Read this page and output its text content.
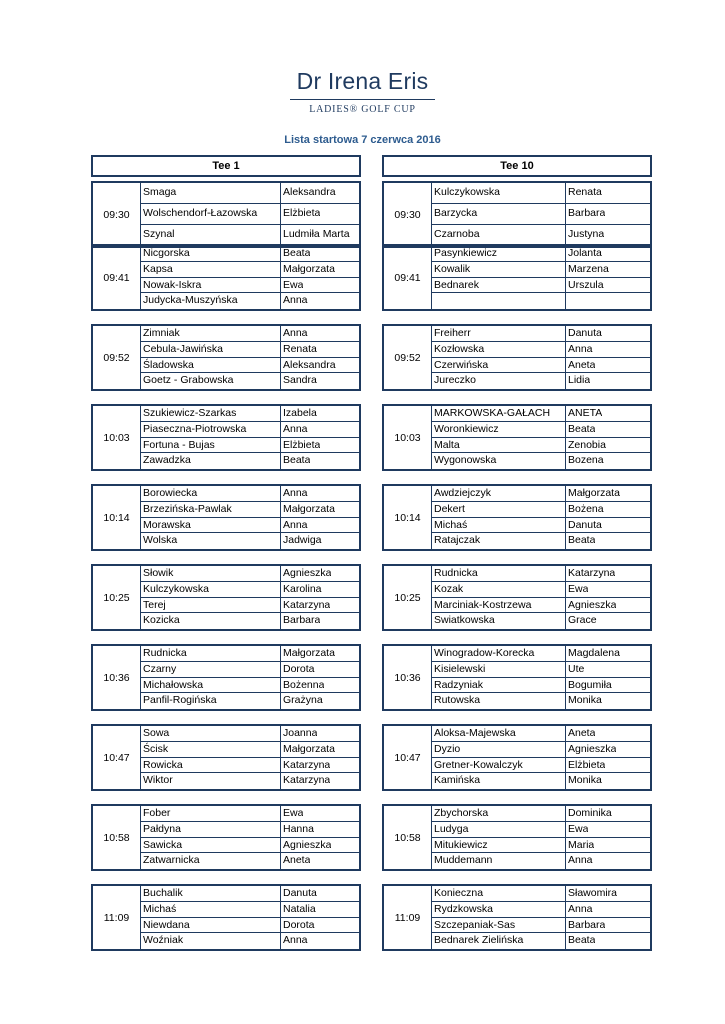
Dr Irena Eris
LADIES® GOLF CUP
Lista startowa 7 czerwca 2016
Tee 1
09:30
Smaga	Aleksandra
Wolschendorf-Łazowska	Elżbieta
Szynal	Ludmiła Marta
09:41
Nicgorska	Beata
Kapsa	Małgorzata
Nowak-Iskra	Ewa
Judycka-Muszyńska	Anna
09:52
Zimniak	Anna
Cebula-Jawińska	Renata
Śladowska	Aleksandra
Goetz - Grabowska	Sandra
10:03
Szukiewicz-Szarkas	Izabela
Piaseczna-Piotrowska	Anna
Fortuna - Bujas	Elżbieta
Zawadzka	Beata
10:14
Borowiecka	Anna
Brzezińska-Pawlak	Małgorzata
Morawska	Anna
Wolska	Jadwiga
10:25
Słowik	Agnieszka
Kulczykowska	Karolina
Terej	Katarzyna
Kozicka	Barbara
10:36
Rudnicka	Małgorzata
Czarny	Dorota
Michałowska	Bożenna
Panfil-Rogińska	Grażyna
10:47
Sowa	Joanna
Ścisk	Małgorzata
Rowicka	Katarzyna
Wiktor	Katarzyna
10:58
Fober	Ewa
Pałdyna	Hanna
Sawicka	Agnieszka
Zatwarnicka	Aneta
11:09
Buchalik	Danuta
Michaś	Natalia
Niewdana	Dorota
Woźniak	Anna
Tee 10
09:30
Kulczykowska	Renata
Barzycka	Barbara
Czarnoba	Justyna
09:41
Pasynkiewicz	Jolanta
Kowalik	Marzena
Bednarek	Urszula
09:52
Freiherr	Danuta
Kozłowska	Anna
Czerwińska	Aneta
Jureczko	Lidia
10:03
MARKOWSKA-GAŁACH	ANETA
Woronkiewicz	Beata
Malta	Zenobia
Wygonowska	Bozena
10:14
Awdziejczyk	Małgorzata
Dekert	Bożena
Michaś	Danuta
Ratajczak	Beata
10:25
Rudnicka	Katarzyna
Kozak	Ewa
Marciniak-Kostrzewa	Agnieszka
Swiatkowska	Grace
10:36
Winogradow-Korecka	Magdalena
Kisielewski	Ute
Radzyniak	Bogumiła
Rutowska	Monika
10:47
Aloksa-Majewska	Aneta
Dyzio	Agnieszka
Gretner-Kowalczyk	Elżbieta
Kamińska	Monika
10:58
Zbychorska	Dominika
Ludyga	Ewa
Mitukiewicz	Maria
Muddemann	Anna
11:09
Konieczna	Sławomira
Rydzkowska	Anna
Szczepaniak-Sas	Barbara
Bednarek Zielińska	Beata
